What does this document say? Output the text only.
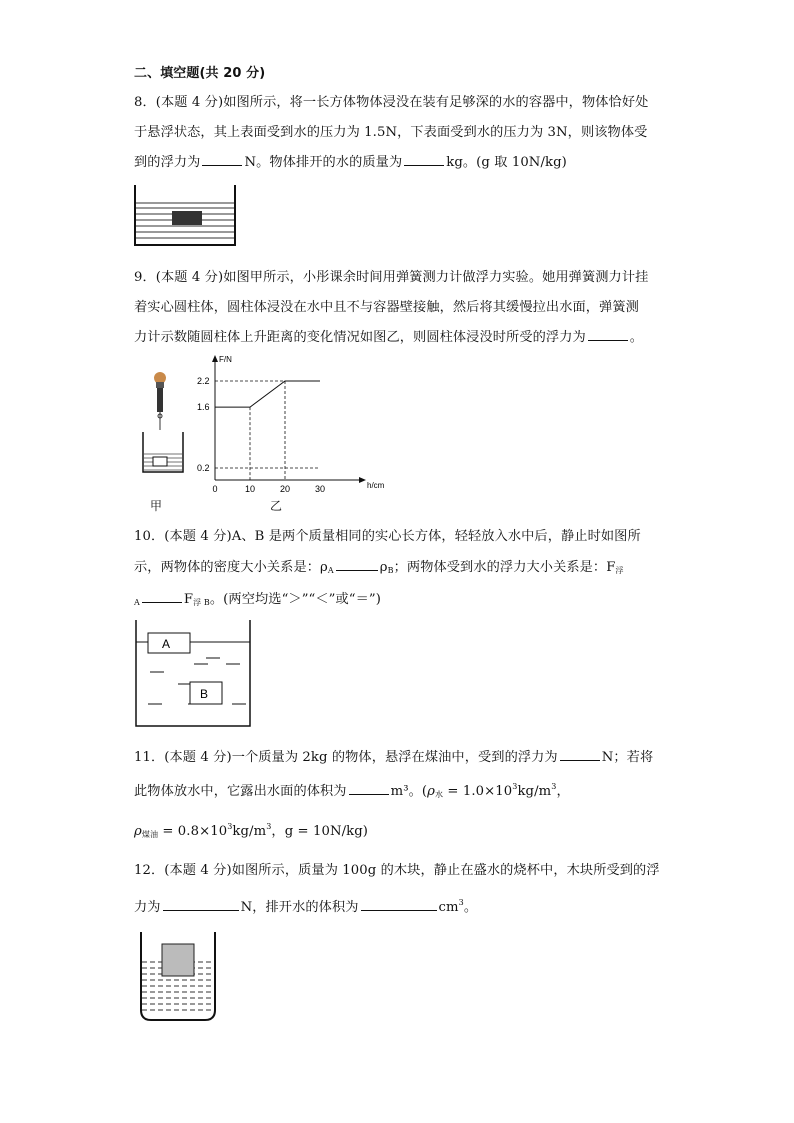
二、填空题(共 20 分)
8．(本题 4 分)如图所示，将一长方体物体浸没在装有足够深的水的容器中，物体恰好处
于悬浮状态，其上表面受到水的压力为 1.5N，下表面受到水的压力为 3N，则该物体受
到的浮力为	N。物体排开的水的质量为	kg。(g 取 10N/kg)
9．(本题 4 分)如图甲所示，小彤课余时间用弹簧测力计做浮力实验。她用弹簧测力计挂
着实心圆柱体，圆柱体浸没在水中且不与容器壁接触，然后将其缓慢拉出水面，弹簧测
力计示数随圆柱体上升距离的变化情况如图乙，则圆柱体浸没时所受的浮力为	。
甲
F/N
h/cm
0	10	20	30
2.2
1.6
0.2
乙
10．(本题 4 分)A、B 是两个质量相同的实心长方体，轻轻放入水中后，静止时如图所
示，两物体的密度大小关系是：$\rho_A$	$\rho_B$；两物体受到水的浮力大小关系是：$F_浮$
$_A$	$F_{浮 B}$。(两空均选“＞”“＜”或“＝”)
A
B
11．(本题 4 分)一个质量为 2kg 的物体，悬浮在煤油中，受到的浮力为	N；若将
此物体放水中，它露出水面的体积为	m³。($\rho_水 = 1.0\times 10^3kg/m^3$，
$\rho_{煤油} = 0.8\times 10^3kg/m^3$，g = 10N/kg)
12．(本题 4 分)如图所示，质量为 100g 的木块，静止在盛水的烧杯中，木块所受到的浮
力为	N，排开水的体积为	$cm^3$。
